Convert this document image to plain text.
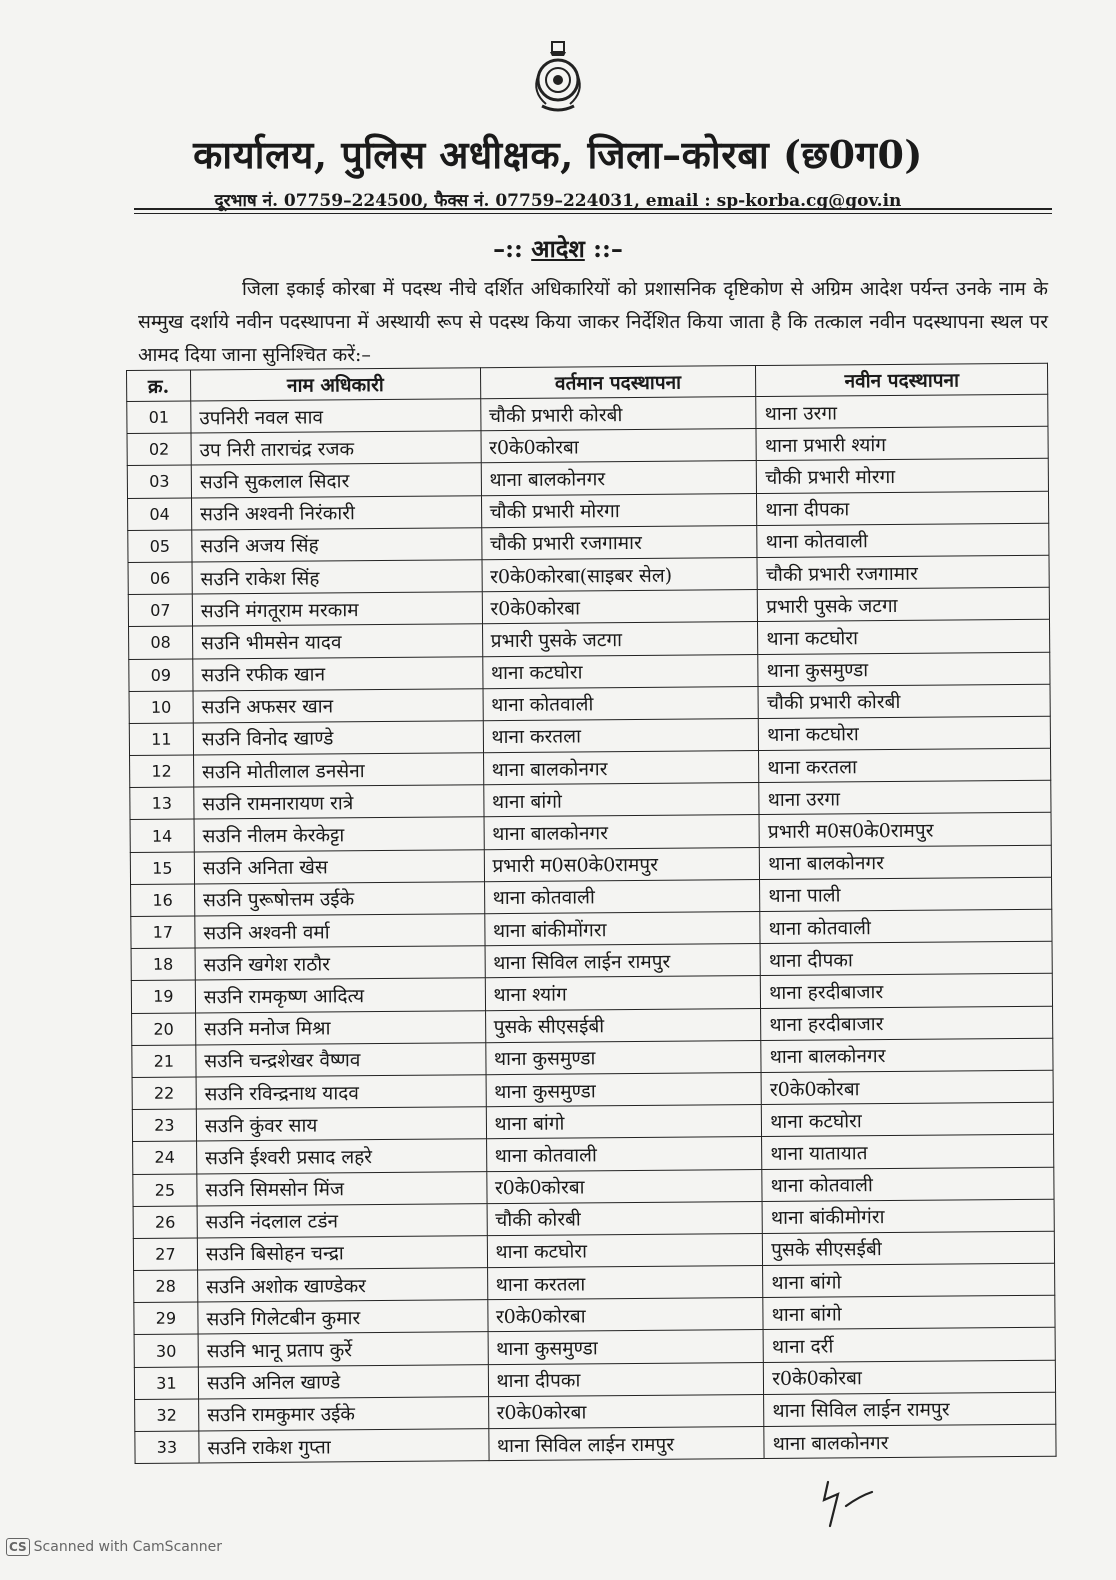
कार्यालय, पुलिस अधीक्षक, जिला–कोरबा (छ0ग0)
दूरभाष नं. 07759–224500, फैक्स नं. 07759–224031, email : sp-korba.cg@gov.in
–:: आदेश ::–
जिला इकाई कोरबा में पदस्थ नीचे दर्शित अधिकारियों को प्रशासनिक दृष्टिकोण से अग्रिम आदेश पर्यन्त उनके नाम के सम्मुख दर्शाये नवीन पदस्थापना में अस्थायी रूप से पदस्थ किया जाकर निर्देशित किया जाता है कि तत्काल नवीन पदस्थापना स्थल पर आमद दिया जाना सुनिश्चित करें:–
क्र.	नाम अधिकारी	वर्तमान पदस्थापना	नवीन पदस्थापना
01	उपनिरी नवल साव	चौकी प्रभारी कोरबी	थाना उरगा
02	उप निरी ताराचंद्र रजक	र0के0कोरबा	थाना प्रभारी श्यांग
03	सउनि सुकलाल सिदार	थाना बालकोनगर	चौकी प्रभारी मोरगा
04	सउनि अश्वनी निरंकारी	चौकी प्रभारी मोरगा	थाना दीपका
05	सउनि अजय सिंह	चौकी प्रभारी रजगामार	थाना कोतवाली
06	सउनि राकेश सिंह	र0के0कोरबा(साइबर सेल)	चौकी प्रभारी रजगामार
07	सउनि मंगतूराम मरकाम	र0के0कोरबा	प्रभारी पुसके जटगा
08	सउनि भीमसेन यादव	प्रभारी पुसके जटगा	थाना कटघोरा
09	सउनि रफीक खान	थाना कटघोरा	थाना कुसमुण्डा
10	सउनि अफसर खान	थाना कोतवाली	चौकी प्रभारी कोरबी
11	सउनि विनोद खाण्डे	थाना करतला	थाना कटघोरा
12	सउनि मोतीलाल डनसेना	थाना बालकोनगर	थाना करतला
13	सउनि रामनारायण रात्रे	थाना बांगो	थाना उरगा
14	सउनि नीलम केरकेट्टा	थाना बालकोनगर	प्रभारी म0स0के0रामपुर
15	सउनि अनिता खेस	प्रभारी म0स0के0रामपुर	थाना बालकोनगर
16	सउनि पुरूषोत्तम उईके	थाना कोतवाली	थाना पाली
17	सउनि अश्वनी वर्मा	थाना बांकीमोंगरा	थाना कोतवाली
18	सउनि खगेश राठौर	थाना सिविल लाईन रामपुर	थाना दीपका
19	सउनि रामकृष्ण आदित्य	थाना श्यांग	थाना हरदीबाजार
20	सउनि मनोज मिश्रा	पुसके सीएसईबी	थाना हरदीबाजार
21	सउनि चन्द्रशेखर वैष्णव	थाना कुसमुण्डा	थाना बालकोनगर
22	सउनि रविन्द्रनाथ यादव	थाना कुसमुण्डा	र0के0कोरबा
23	सउनि कुंवर साय	थाना बांगो	थाना कटघोरा
24	सउनि ईश्वरी प्रसाद लहरे	थाना कोतवाली	थाना यातायात
25	सउनि सिमसोन मिंज	र0के0कोरबा	थाना कोतवाली
26	सउनि नंदलाल टडंन	चौकी कोरबी	थाना बांकीमोगंरा
27	सउनि बिसोहन चन्द्रा	थाना कटघोरा	पुसके सीएसईबी
28	सउनि अशोक खाण्डेकर	थाना करतला	थाना बांगो
29	सउनि गिलेटबीन कुमार	र0के0कोरबा	थाना बांगो
30	सउनि भानू प्रताप कुर्रे	थाना कुसमुण्डा	थाना दर्री
31	सउनि अनिल खाण्डे	थाना दीपका	र0के0कोरबा
32	सउनि रामकुमार उईके	र0के0कोरबा	थाना सिविल लाईन रामपुर
33	सउनि राकेश गुप्ता	थाना सिविल लाईन रामपुर	थाना बालकोनगर
CS Scanned with CamScanner
